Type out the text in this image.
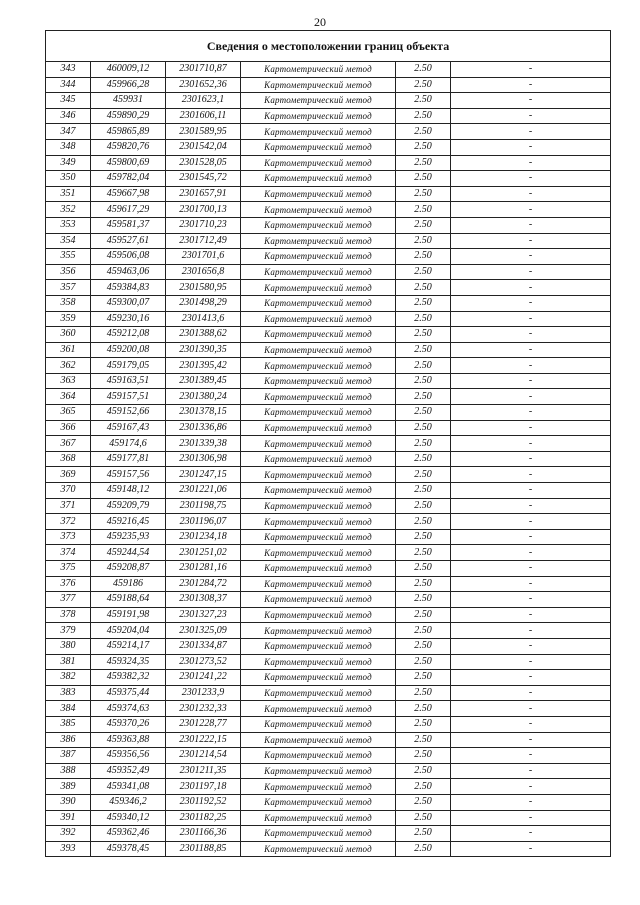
20
Сведения о местоположении границ объекта					
343	460009,12	2301710,87	Картометрический метод	2.50	-
344	459966,28	2301652,36	Картометрический метод	2.50	-
345	459931	2301623,1	Картометрический метод	2.50	-
346	459890,29	2301606,11	Картометрический метод	2.50	-
347	459865,89	2301589,95	Картометрический метод	2.50	-
348	459820,76	2301542,04	Картометрический метод	2.50	-
349	459800,69	2301528,05	Картометрический метод	2.50	-
350	459782,04	2301545,72	Картометрический метод	2.50	-
351	459667,98	2301657,91	Картометрический метод	2.50	-
352	459617,29	2301700,13	Картометрический метод	2.50	-
353	459581,37	2301710,23	Картометрический метод	2.50	-
354	459527,61	2301712,49	Картометрический метод	2.50	-
355	459506,08	2301701,6	Картометрический метод	2.50	-
356	459463,06	2301656,8	Картометрический метод	2.50	-
357	459384,83	2301580,95	Картометрический метод	2.50	-
358	459300,07	2301498,29	Картометрический метод	2.50	-
359	459230,16	2301413,6	Картометрический метод	2.50	-
360	459212,08	2301388,62	Картометрический метод	2.50	-
361	459200,08	2301390,35	Картометрический метод	2.50	-
362	459179,05	2301395,42	Картометрический метод	2.50	-
363	459163,51	2301389,45	Картометрический метод	2.50	-
364	459157,51	2301380,24	Картометрический метод	2.50	-
365	459152,66	2301378,15	Картометрический метод	2.50	-
366	459167,43	2301336,86	Картометрический метод	2.50	-
367	459174,6	2301339,38	Картометрический метод	2.50	-
368	459177,81	2301306,98	Картометрический метод	2.50	-
369	459157,56	2301247,15	Картометрический метод	2.50	-
370	459148,12	2301221,06	Картометрический метод	2.50	-
371	459209,79	2301198,75	Картометрический метод	2.50	-
372	459216,45	2301196,07	Картометрический метод	2.50	-
373	459235,93	2301234,18	Картометрический метод	2.50	-
374	459244,54	2301251,02	Картометрический метод	2.50	-
375	459208,87	2301281,16	Картометрический метод	2.50	-
376	459186	2301284,72	Картометрический метод	2.50	-
377	459188,64	2301308,37	Картометрический метод	2.50	-
378	459191,98	2301327,23	Картометрический метод	2.50	-
379	459204,04	2301325,09	Картометрический метод	2.50	-
380	459214,17	2301334,87	Картометрический метод	2.50	-
381	459324,35	2301273,52	Картометрический метод	2.50	-
382	459382,32	2301241,22	Картометрический метод	2.50	-
383	459375,44	2301233,9	Картометрический метод	2.50	-
384	459374,63	2301232,33	Картометрический метод	2.50	-
385	459370,26	2301228,77	Картометрический метод	2.50	-
386	459363,88	2301222,15	Картометрический метод	2.50	-
387	459356,56	2301214,54	Картометрический метод	2.50	-
388	459352,49	2301211,35	Картометрический метод	2.50	-
389	459341,08	2301197,18	Картометрический метод	2.50	-
390	459346,2	2301192,52	Картометрический метод	2.50	-
391	459340,12	2301182,25	Картометрический метод	2.50	-
392	459362,46	2301166,36	Картометрический метод	2.50	-
393	459378,45	2301188,85	Картометрический метод	2.50	-
